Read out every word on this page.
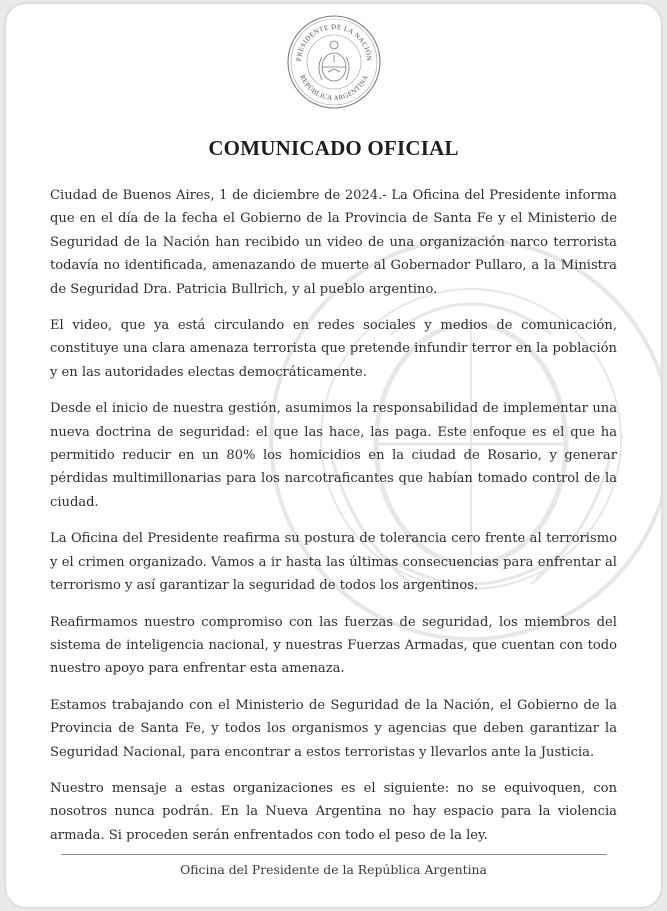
PRESIDENTE DE LA NACIÓN
REPÚBLICA ARGENTINA
COMUNICADO OFICIAL

Ciudad de Buenos Aires, 1 de diciembre de 2024.- La Oficina del Presidente informa que en el día de la fecha el Gobierno de la Provincia de Santa Fe y el Ministerio de Seguridad de la Nación han recibido un video de una organización narco terrorista todavía no identificada, amenazando de muerte al Gobernador Pullaro, a la Ministra de Seguridad Dra. Patricia Bullrich, y al pueblo argentino.

El video, que ya está circulando en redes sociales y medios de comunicación, constituye una clara amenaza terrorista que pretende infundir terror en la población y en las autoridades electas democráticamente.

Desde el inicio de nuestra gestión, asumimos la responsabilidad de implementar una nueva doctrina de seguridad: el que las hace, las paga. Este enfoque es el que ha permitido reducir en un 80% los homicidios en la ciudad de Rosario, y generar pérdidas multimillonarias para los narcotraficantes que habían tomado control de la ciudad.

La Oficina del Presidente reafirma su postura de tolerancia cero frente al terrorismo y el crimen organizado. Vamos a ir hasta las últimas consecuencias para enfrentar al terrorismo y así garantizar la seguridad de todos los argentinos.

Reafirmamos nuestro compromiso con las fuerzas de seguridad, los miembros del sistema de inteligencia nacional, y nuestras Fuerzas Armadas, que cuentan con todo nuestro apoyo para enfrentar esta amenaza.

Estamos trabajando con el Ministerio de Seguridad de la Nación, el Gobierno de la Provincia de Santa Fe, y todos los organismos y agencias que deben garantizar la Seguridad Nacional, para encontrar a estos terroristas y llevarlos ante la Justicia.

Nuestro mensaje a estas organizaciones es el siguiente: no se equivoquen, con nosotros nunca podrán. En la Nueva Argentina no hay espacio para la violencia armada. Si proceden serán enfrentados con todo el peso de la ley.

Oficina del Presidente de la República Argentina
